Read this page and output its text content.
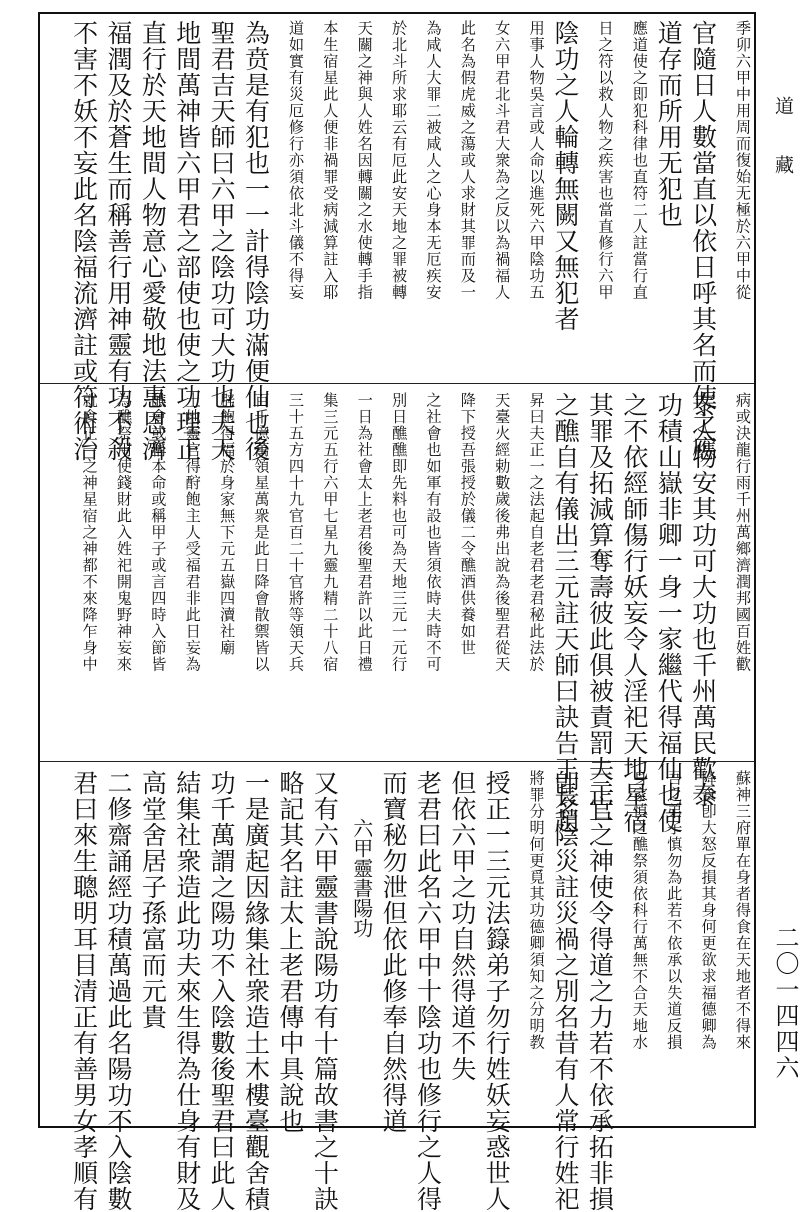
道藏
二〇一四四六
季卯六甲中用周而復始无極於六甲中從
官隨日人數當直以依日呼其名而使之應
道存而所用无犯也
應道使之即犯科律也直符二人註當行直
日之符以救人物之疾害也當直修行六甲
陰功之人輪轉無闕又無犯者
用事人物吳言或人命以進死六甲陰功五
女六甲君北斗君大衆為之反以為禍福人
此名為假虎威之蕩或人求財其罪而及一
為咸人大罪二被咸人之心身本无厄疾安
於北斗所求耶云有厄此安天地之罪被轉
天關之神與人姓名因轉關之水使轉手指
本生宿星此人便非禍罪受病減算註入耶
道如實有災厄修行亦須依北斗儀不得妄
為贲是有犯也一一計得陰功滿便仙也後
聖君吉天師曰六甲之陰功可大功也夫天
地間萬神皆六甲君之部使也使之功理正
直行於天地間人物意心愛敬地法惠恩濟
福潤及於蒼生而稱善行用神靈有功不殺
不害不妖不妄此名陰福流濟註或符術治
病或決龍行雨千州萬鄉濟潤邦國百姓歡
泰人物安其功可大功也千州萬民歡泰
功積山嶽非卿一身一家繼代得福仙也使
之不依經師傷行妖妄令人淫祀天地星宿
其罪及拓減算奪壽彼此俱被責罰夫正一
之醮自有儀出三元註天師曰訣告王長趙
昇曰夫正一之法起自老君老君秘此法於
天臺火經勅數歲後弗出說為後聖君從天
降下授吾張授於儀二令醮酒供養如世
之社會也如軍有設也皆須依時夫時不可
別日醮醮即先料也可為天地三元一元行
一日為社會太上老君後聖君許以此日禮
集三元五行六甲七星九靈九精二十八宿
三十五方四十九官百二十官將等領天兵
百千億萬領星萬衆是此日降會散禦皆以
辟飽得福於身家無下元五嶽四瀆社廟
土地靈官得酧飽主人受福君非此日妄為
醮會或稱本命或稱甲子或言四時入節皆
為醮祭用使錢財此入姓祀開鬼野神妄來
就食正一之神星宿之神都不來降乍身中
蘇神三府單在身者得食在天地者不得來
降食卽大怒反損其身何更欲求福德卿為
吾之弟子慎勿為此若不依承以失道反損
身家慎之醮祭須依科行萬無不合天地水
三官之神使令得道之力若不依承拓非損
卽名陰災註災禍之別名昔有人常行姓祀
將罪分明何更覓其功德卿須知之分明教
授正一三元法籙弟子勿行姓妖妄惑世人
但依六甲之功自然得道不失
老君曰此名六甲中十陰功也修行之人得
而寶秘勿泄但依此修奉自然得道
六甲靈書陽功
又有六甲靈書說陽功有十篇故書之十訣
略記其名註太上老君傳中具說也
一是廣起因緣集社衆造土木樓臺觀舍積
功千萬謂之陽功不入陰數後聖君曰此人
結集社衆造此功夫來生得為仕身有財及
高堂舍居子孫富而元貴
二修齋誦經功積萬過此名陽功不入陰數
君曰來生聰明耳目清正有善男女孝順有
